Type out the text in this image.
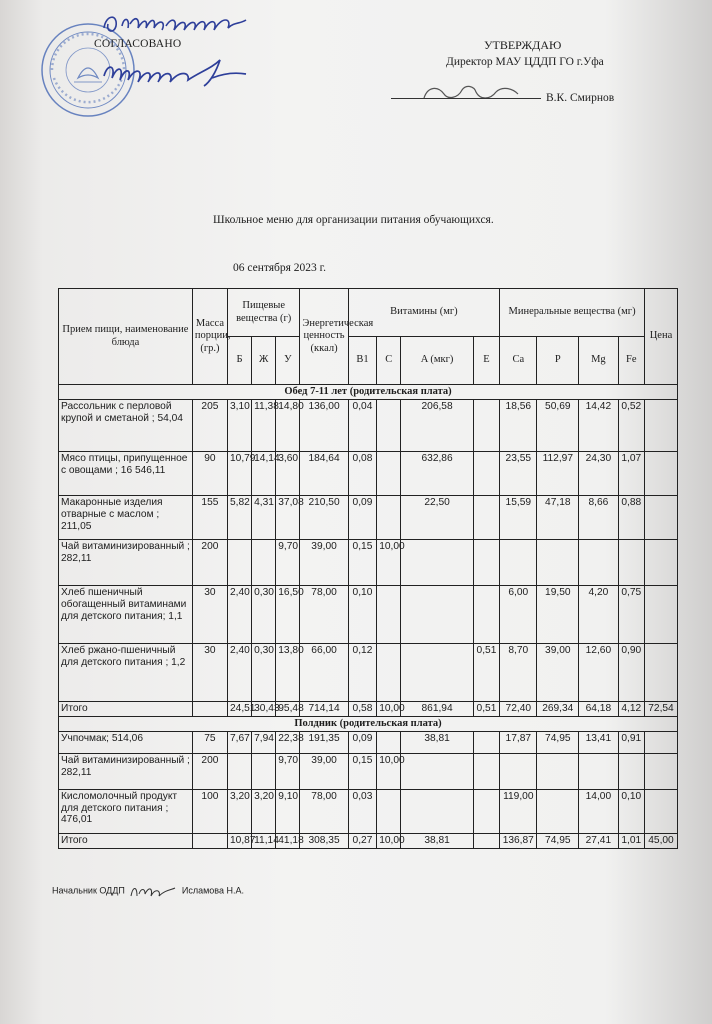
СОГЛАСОВАНО	УТВЕРЖДАЮ
Директор МАУ ЦДДП ГО г.Уфа
В.К. Смирнов
Школьное меню для организации питания обучающихся.
06 сентября 2023 г.
Прием пищи, наименование блюда	Масса порции, (гр.)	Пищевые вещества (г)			Энергетическая ценность (ккал)	Витамины (мг)				Минеральные вещества (мг)				Цена
		Б	Ж	У		B1	C	A (мкг)	E	Ca	P	Mg	Fe	
Обед 7-11 лет (родительская плата)														
Рассольник с перловой крупой и сметаной ; 54,04	205	3,10	11,38	14,80	136,00	0,04		206,58		18,56	50,69	14,42	0,52	
Мясо птицы, припущенное с овощами ; 16 546,11	90	10,79	14,14	3,60	184,64	0,08		632,86		23,55	112,97	24,30	1,07	
Макаронные изделия отварные с маслом ; 211,05	155	5,82	4,31	37,08	210,50	0,09		22,50		15,59	47,18	8,66	0,88	
Чай витаминизированный ; 282,11	200			9,70	39,00	0,15	10,00							
Хлеб пшеничный обогащенный витаминами для детского питания; 1,1	30	2,40	0,30	16,50	78,00	0,10				6,00	19,50	4,20	0,75	
Хлеб ржано-пшеничный для детского питания ; 1,2	30	2,40	0,30	13,80	66,00	0,12			0,51	8,70	39,00	12,60	0,90	
Итого		24,51	30,43	95,48	714,14	0,58	10,00	861,94	0,51	72,40	269,34	64,18	4,12	72,54
Полдник (родительская плата)														
Учпочмак; 514,06	75	7,67	7,94	22,38	191,35	0,09		38,81		17,87	74,95	13,41	0,91	
Чай витаминизированный ; 282,11	200			9,70	39,00	0,15	10,00							
Кисломолочный продукт для детского питания ; 476,01	100	3,20	3,20	9,10	78,00	0,03				119,00		14,00	0,10	
Итого		10,87	11,14	41,18	308,35	0,27	10,00	38,81		136,87	74,95	27,41	1,01	45,00
Начальник ОДДП	Исламова Н.А.
